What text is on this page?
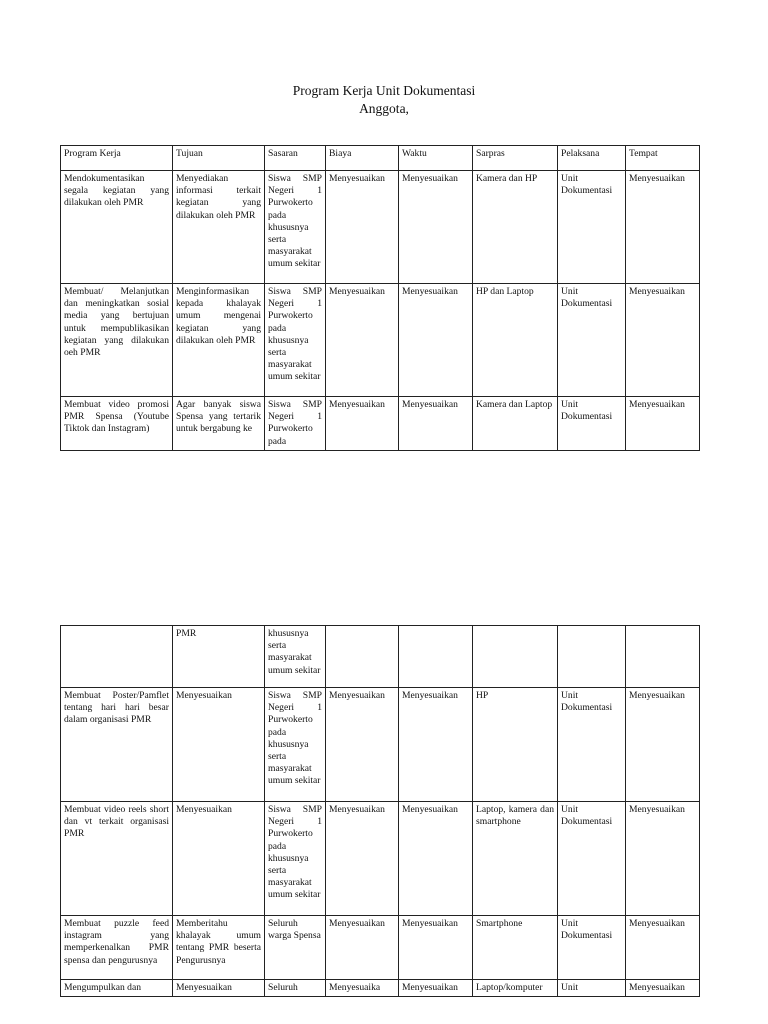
Program Kerja Unit Dokumentasi
Anggota,
Program Kerja	Tujuan	Sasaran	Biaya	Waktu	Sarpras	Pelaksana	Tempat
Mendokumentasikan segala kegiatan yang dilakukan oleh PMR	Menyediakan informasi terkait kegiatan yang dilakukan oleh PMR	Siswa SMP Negeri 1 Purwokerto pada khususnya serta masyarakat umum sekitar	Menyesuaikan	Menyesuaikan	Kamera dan HP	Unit Dokumentasi	Menyesuaikan
Membuat/ Melanjutkan dan meningkatkan sosial media yang bertujuan untuk mempublikasikan kegiatan yang dilakukan oeh PMR	Menginformasikan kepada khalayak umum mengenai kegiatan yang dilakukan oleh PMR	Siswa SMP Negeri 1 Purwokerto pada khususnya serta masyarakat umum sekitar	Menyesuaikan	Menyesuaikan	HP dan Laptop	Unit Dokumentasi	Menyesuaikan
Membuat video promosi PMR Spensa (Youtube Tiktok dan Instagram)	Agar banyak siswa Spensa yang tertarik untuk bergabung ke	Siswa SMP Negeri 1 Purwokerto pada	Menyesuaikan	Menyesuaikan	Kamera dan Laptop	Unit Dokumentasi	Menyesuaikan
	PMR	khususnya serta masyarakat umum sekitar					
Membuat Poster/Pamflet tentang hari hari besar dalam organisasi PMR	Menyesuaikan	Siswa SMP Negeri 1 Purwokerto pada khususnya serta masyarakat umum sekitar	Menyesuaikan	Menyesuaikan	HP	Unit Dokumentasi	Menyesuaikan
Membuat video reels short dan vt terkait organisasi PMR	Menyesuaikan	Siswa SMP Negeri 1 Purwokerto pada khususnya serta masyarakat umum sekitar	Menyesuaikan	Menyesuaikan	Laptop, kamera dan smartphone	Unit Dokumentasi	Menyesuaikan
Membuat puzzle feed instagram yang memperkenalkan PMR spensa dan pengurusnya	Memberitahu khalayak umum tentang PMR beserta Pengurusnya	Seluruh warga Spensa	Menyesuaikan	Menyesuaikan	Smartphone	Unit Dokumentasi	Menyesuaikan
Mengumpulkan dan	Menyesuaikan	Seluruh	Menyesuaika	Menyesuaikan	Laptop/komputer	Unit	Menyesuaikan
